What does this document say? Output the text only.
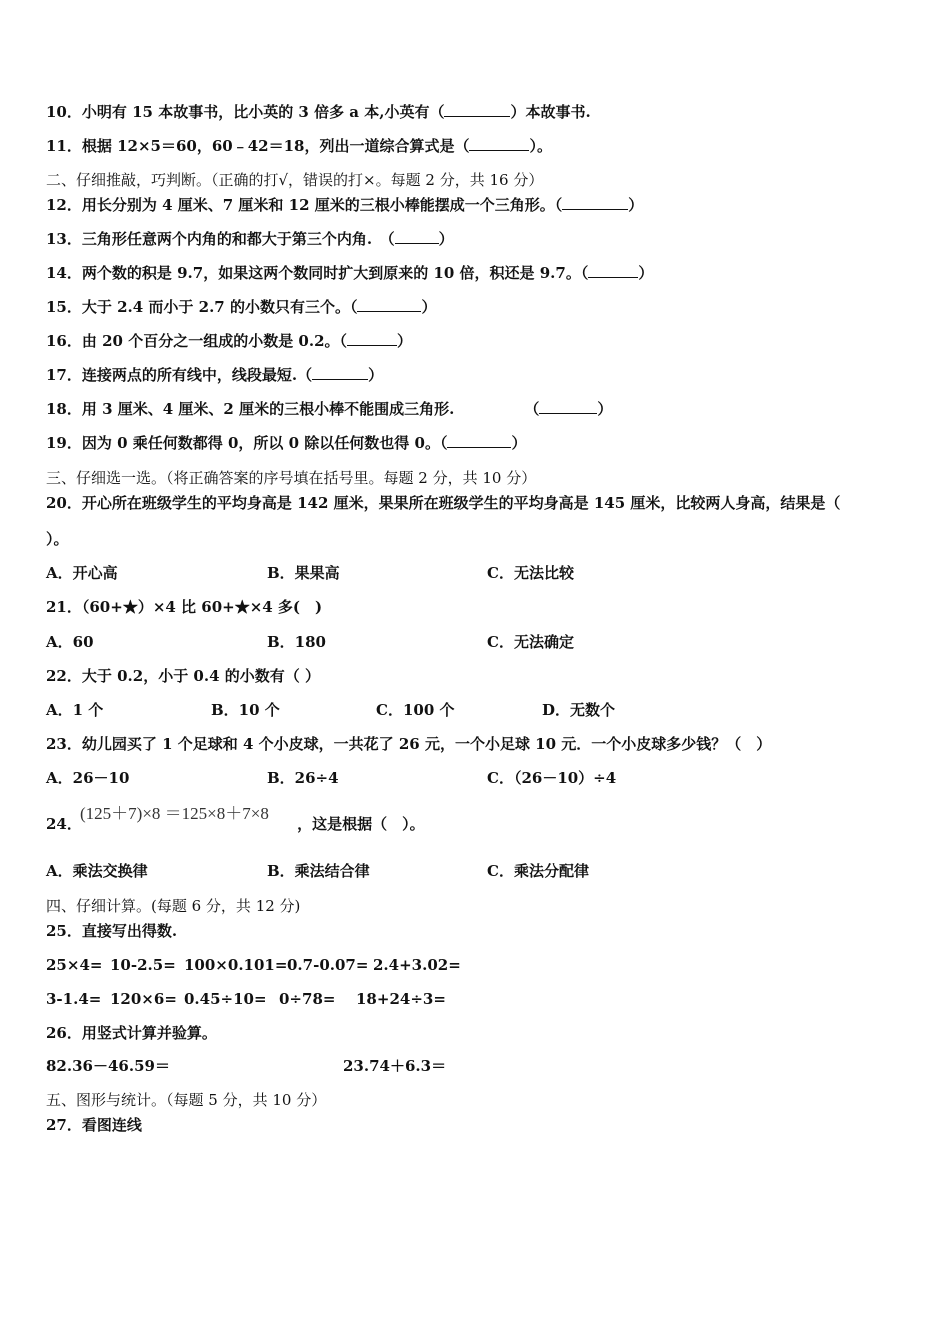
10．小明有 15 本故事书，比小英的 3 倍多 a 本,小英有（	）本故事书.
11．根据 12×5＝60，60﹣42＝18，列出一道综合算式是（	）。
二、仔细推敲，巧判断。（正确的打√，错误的打×。每题 2 分，共 16 分）
12．用长分别为 4 厘米、7 厘米和 12 厘米的三根小棒能摆成一个三角形。（	）
13．三角形任意两个内角的和都大于第三个内角.　（	）
14．两个数的积是 9.7，如果这两个数同时扩大到原来的 10 倍，积还是 9.7。（	）
15．大于 2.4 而小于 2.7 的小数只有三个。（	）
16．由 20 个百分之一组成的小数是 0.2。（	）
17．连接两点的所有线中，线段最短.（	）
18．用 3 厘米、4 厘米、2 厘米的三根小棒不能围成三角形.	（	）
19．因为 0 乘任何数都得 0，所以 0 除以任何数也得 0。（	）
三、仔细选一选。（将正确答案的序号填在括号里。每题 2 分，共 10 分）
20．开心所在班级学生的平均身高是 142 厘米，果果所在班级学生的平均身高是 145 厘米，比较两人身高，结果是（
）。
A．开心高	B．果果高	C．无法比较
21．（60+★）×4 比 60+★×4 多(　)
A．60	B．180	C．无法确定
22．大于 0.2，小于 0.4 的小数有（ ）
A．1 个	B．10 个	C．100 个	D．无数个
23．幼儿园买了 1 个足球和 4 个小皮球，一共花了 26 元，一个小足球 10 元．一个小皮球多少钱？（　）
A．26－10	B．26÷4	C．（26－10）÷4
24．
(125＋7)×8 ＝125×8＋7×8
，这是根据（　）。
A．乘法交换律	B．乘法结合律	C．乘法分配律
四、仔细计算。(每题 6 分，共 12 分)
25．直接写出得数.
25×4= 10-2.5= 100×0.101= 0.7-0.07= 2.4+3.02=
3-1.4= 120×6= 0.45÷10= 0÷78= 18+24÷3=
26．用竖式计算并验算。
82.36－46.59＝	23.74＋6.3＝
五、图形与统计。（每题 5 分，共 10 分）
27．看图连线
